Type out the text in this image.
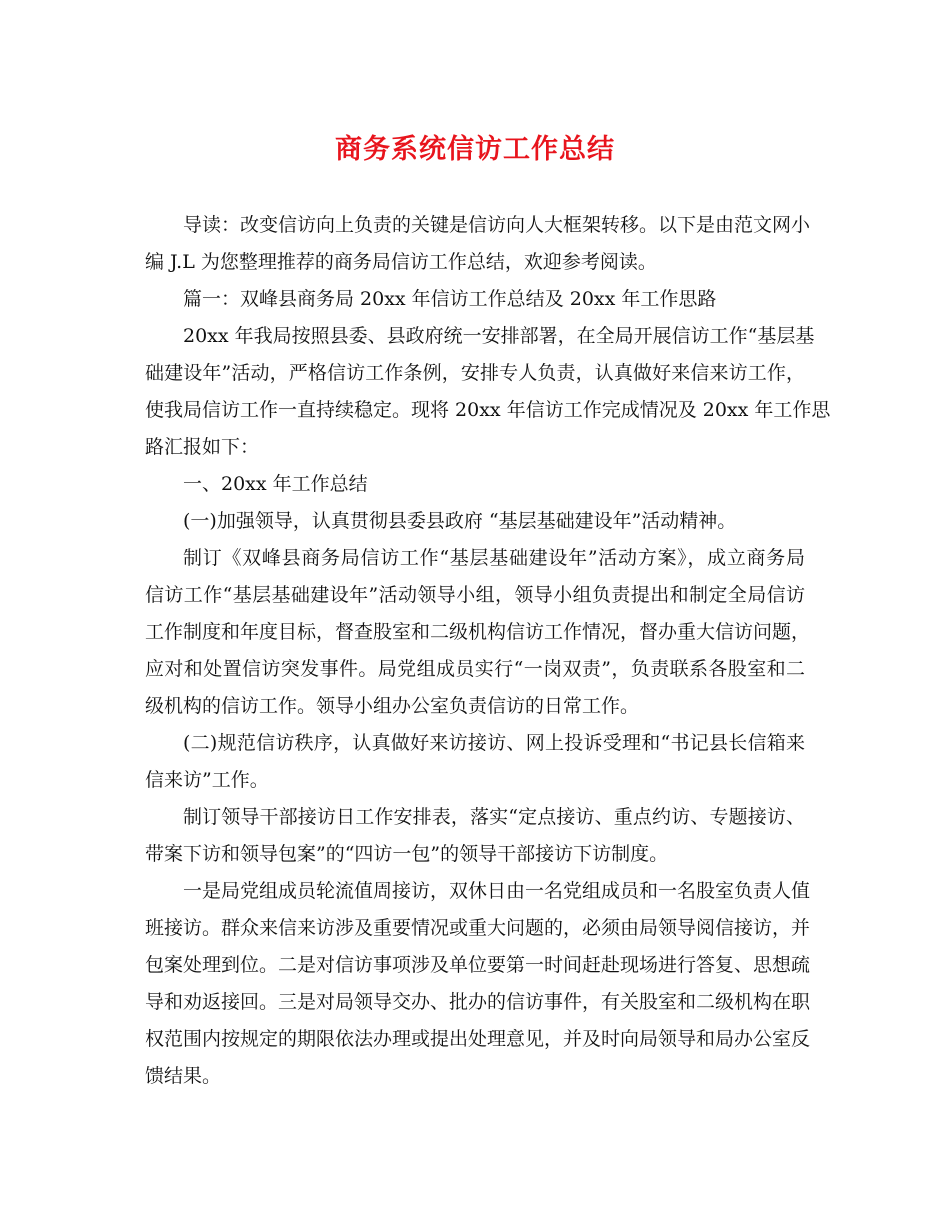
商务系统信访工作总结
导读：改变信访向上负责的关键是信访向人大框架转移。以下是由范文网小
编 J.L 为您整理推荐的商务局信访工作总结，欢迎参考阅读。
篇一：双峰县商务局 20xx 年信访工作总结及 20xx 年工作思路
20xx 年我局按照县委、县政府统一安排部署，在全局开展信访工作“基层基
础建设年”活动，严格信访工作条例，安排专人负责，认真做好来信来访工作，
使我局信访工作一直持续稳定。现将 20xx 年信访工作完成情况及 20xx 年工作思
路汇报如下：
一、20xx 年工作总结
(一)加强领导，认真贯彻县委县政府 “基层基础建设年”活动精神。
制订《双峰县商务局信访工作“基层基础建设年”活动方案》，成立商务局
信访工作“基层基础建设年”活动领导小组，领导小组负责提出和制定全局信访
工作制度和年度目标，督查股室和二级机构信访工作情况，督办重大信访问题，
应对和处置信访突发事件。局党组成员实行“一岗双责”，负责联系各股室和二
级机构的信访工作。领导小组办公室负责信访的日常工作。
(二)规范信访秩序，认真做好来访接访、网上投诉受理和“书记县长信箱来
信来访”工作。
制订领导干部接访日工作安排表，落实“定点接访、重点约访、专题接访、
带案下访和领导包案”的“四访一包”的领导干部接访下访制度。
一是局党组成员轮流值周接访，双休日由一名党组成员和一名股室负责人值
班接访。群众来信来访涉及重要情况或重大问题的，必须由局领导阅信接访，并
包案处理到位。二是对信访事项涉及单位要第一时间赶赴现场进行答复、思想疏
导和劝返接回。三是对局领导交办、批办的信访事件，有关股室和二级机构在职
权范围内按规定的期限依法办理或提出处理意见，并及时向局领导和局办公室反
馈结果。
